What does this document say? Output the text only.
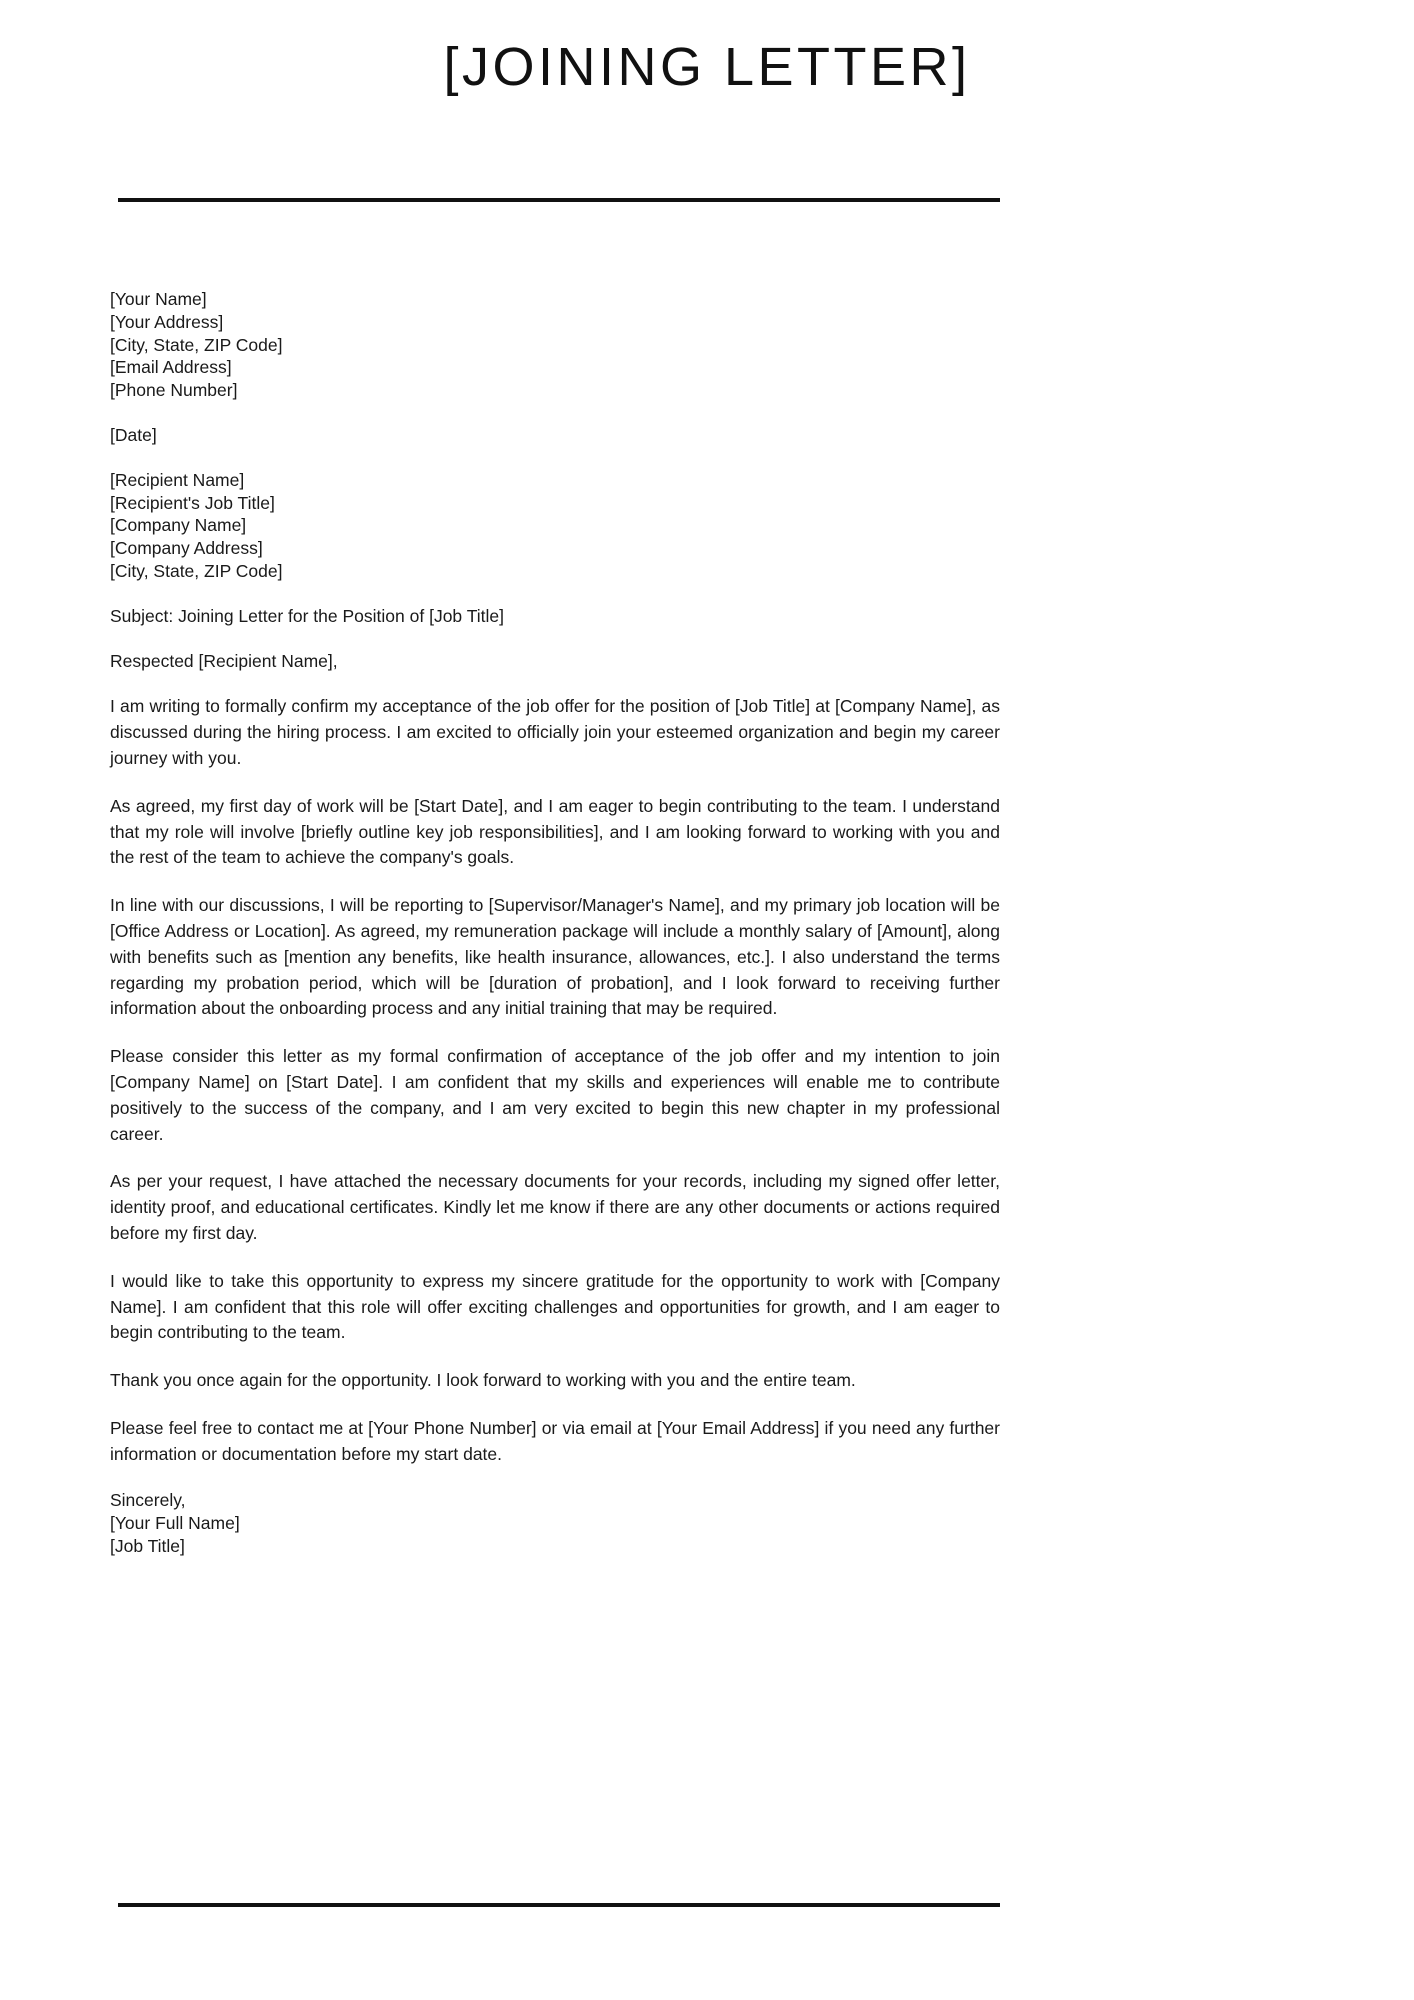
[JOINING LETTER]
[Your Name]
[Your Address]
[City, State, ZIP Code]
[Email Address]
[Phone Number]
[Date]
[Recipient Name]
[Recipient's Job Title]
[Company Name]
[Company Address]
[City, State, ZIP Code]
Subject: Joining Letter for the Position of [Job Title]
Respected [Recipient Name],

I am writing to formally confirm my acceptance of the job offer for the position of [Job Title] at [Company Name], as discussed during the hiring process. I am excited to officially join your esteemed organization and begin my career journey with you.

As agreed, my first day of work will be [Start Date], and I am eager to begin contributing to the team. I understand that my role will involve [briefly outline key job responsibilities], and I am looking forward to working with you and the rest of the team to achieve the company's goals.

In line with our discussions, I will be reporting to [Supervisor/Manager's Name], and my primary job location will be [Office Address or Location]. As agreed, my remuneration package will include a monthly salary of [Amount], along with benefits such as [mention any benefits, like health insurance, allowances, etc.]. I also understand the terms regarding my probation period, which will be [duration of probation], and I look forward to receiving further information about the onboarding process and any initial training that may be required.

Please consider this letter as my formal confirmation of acceptance of the job offer and my intention to join [Company Name] on [Start Date]. I am confident that my skills and experiences will enable me to contribute positively to the success of the company, and I am very excited to begin this new chapter in my professional career.

As per your request, I have attached the necessary documents for your records, including my signed offer letter, identity proof, and educational certificates. Kindly let me know if there are any other documents or actions required before my first day.

I would like to take this opportunity to express my sincere gratitude for the opportunity to work with [Company Name]. I am confident that this role will offer exciting challenges and opportunities for growth, and I am eager to begin contributing to the team.

Thank you once again for the opportunity. I look forward to working with you and the entire team.

Please feel free to contact me at [Your Phone Number] or via email at [Your Email Address] if you need any further information or documentation before my start date.

Sincerely,
[Your Full Name]
[Job Title]
